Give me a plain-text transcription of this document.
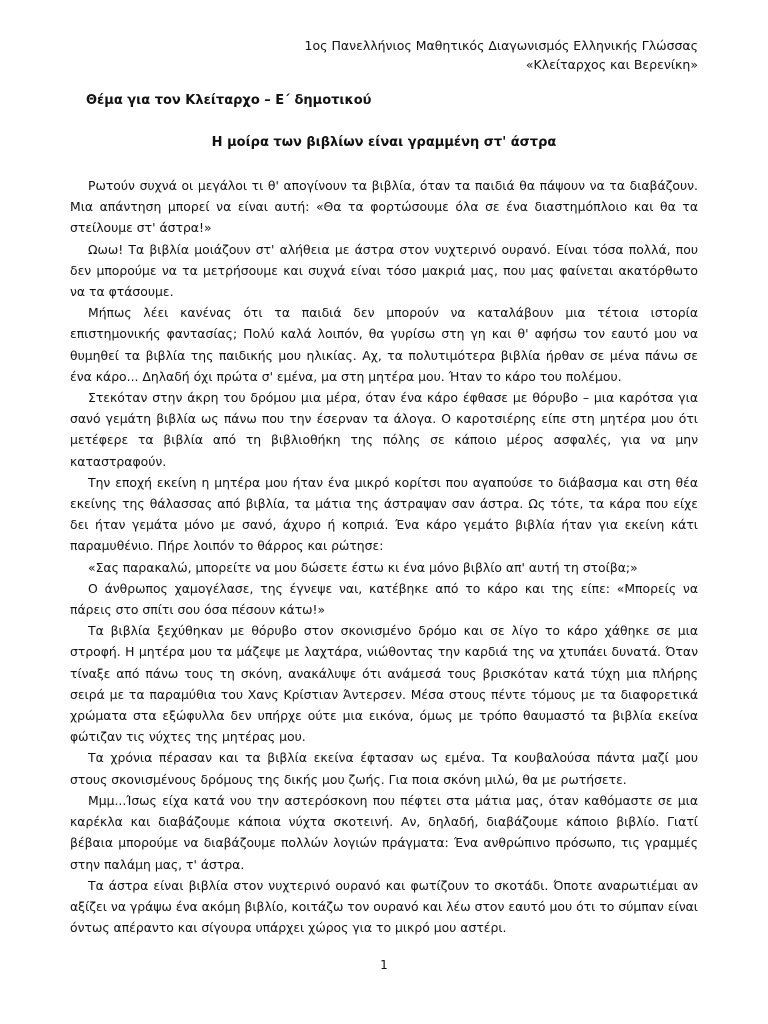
1ος Πανελλήνιος Μαθητικός Διαγωνισμός Ελληνικής Γλώσσας
«Κλείταρχος και Βερενίκη»
Θέμα για τον Κλείταρχο – Ε΄ δημοτικού
Η μοίρα των βιβλίων είναι γραμμένη στ' άστρα

Ρωτούν συχνά οι μεγάλοι τι θ' απογίνουν τα βιβλία, όταν τα παιδιά θα πάψουν να τα διαβάζουν. Μια απάντηση μπορεί να είναι αυτή: «Θα τα φορτώσουμε όλα σε ένα διαστημόπλοιο και θα τα στείλουμε στ' άστρα!»

Ωωω! Τα βιβλία μοιάζουν στ' αλήθεια με άστρα στον νυχτερινό ουρανό. Είναι τόσα πολλά, που δεν μπορούμε να τα μετρήσουμε και συχνά είναι τόσο μακριά μας, που μας φαίνεται ακατόρθωτο να τα φτάσουμε.

Μήπως λέει κανένας ότι τα παιδιά δεν μπορούν να καταλάβουν μια τέτοια ιστορία επιστημονικής φαντασίας; Πολύ καλά λοιπόν, θα γυρίσω στη γη και θ' αφήσω τον εαυτό μου να θυμηθεί τα βιβλία της παιδικής μου ηλικίας. Αχ, τα πολυτιμότερα βιβλία ήρθαν σε μένα πάνω σε ένα κάρο... Δηλαδή όχι πρώτα σ' εμένα, μα στη μητέρα μου. Ήταν το κάρο του πολέμου.

Στεκόταν στην άκρη του δρόμου μια μέρα, όταν ένα κάρο έφθασε με θόρυβο – μια καρότσα για σανό γεμάτη βιβλία ως πάνω που την έσερναν τα άλογα. Ο καροτσιέρης είπε στη μητέρα μου ότι μετέφερε τα βιβλία από τη βιβλιοθήκη της πόλης σε κάποιο μέρος ασφαλές, για να μην καταστραφούν.

Την εποχή εκείνη η μητέρα μου ήταν ένα μικρό κορίτσι που αγαπούσε το διάβασμα και στη θέα εκείνης της θάλασσας από βιβλία, τα μάτια της άστραψαν σαν άστρα. Ως τότε, τα κάρα που είχε δει ήταν γεμάτα μόνο με σανό, άχυρο ή κοπριά. Ένα κάρο γεμάτο βιβλία ήταν για εκείνη κάτι παραμυθένιο. Πήρε λοιπόν το θάρρος και ρώτησε:

«Σας παρακαλώ, μπορείτε να μου δώσετε έστω κι ένα μόνο βιβλίο απ' αυτή τη στοίβα;»

Ο άνθρωπος χαμογέλασε, της έγνεψε ναι, κατέβηκε από το κάρο και της είπε: «Μπορείς να πάρεις στο σπίτι σου όσα πέσουν κάτω!»

Τα βιβλία ξεχύθηκαν με θόρυβο στον σκονισμένο δρόμο και σε λίγο το κάρο χάθηκε σε μια στροφή. Η μητέρα μου τα μάζεψε με λαχτάρα, νιώθοντας την καρδιά της να χτυπάει δυνατά. Όταν τίναξε από πάνω τους τη σκόνη, ανακάλυψε ότι ανάμεσά τους βρισκόταν κατά τύχη μια πλήρης σειρά με τα παραμύθια του Χανς Κρίστιαν Άντερσεν. Μέσα στους πέντε τόμους με τα διαφορετικά χρώματα στα εξώφυλλα δεν υπήρχε ούτε μια εικόνα, όμως με τρόπο θαυμαστό τα βιβλία εκείνα φώτιζαν τις νύχτες της μητέρας μου.

Τα χρόνια πέρασαν και τα βιβλία εκείνα έφτασαν ως εμένα. Τα κουβαλούσα πάντα μαζί μου στους σκονισμένους δρόμους της δικής μου ζωής. Για ποια σκόνη μιλώ, θα με ρωτήσετε.

Μμμ...Ίσως είχα κατά νου την αστερόσκονη που πέφτει στα μάτια μας, όταν καθόμαστε σε μια καρέκλα και διαβάζουμε κάποια νύχτα σκοτεινή. Αν, δηλαδή, διαβάζουμε κάποιο βιβλίο. Γιατί βέβαια μπορούμε να διαβάζουμε πολλών λογιών πράγματα: Ένα ανθρώπινο πρόσωπο, τις γραμμές στην παλάμη μας, τ' άστρα.

Τα άστρα είναι βιβλία στον νυχτερινό ουρανό και φωτίζουν το σκοτάδι. Όποτε αναρωτιέμαι αν αξίζει να γράψω ένα ακόμη βιβλίο, κοιτάζω τον ουρανό και λέω στον εαυτό μου ότι το σύμπαν είναι όντως απέραντο και σίγουρα υπάρχει χώρος για το μικρό μου αστέρι.

1
